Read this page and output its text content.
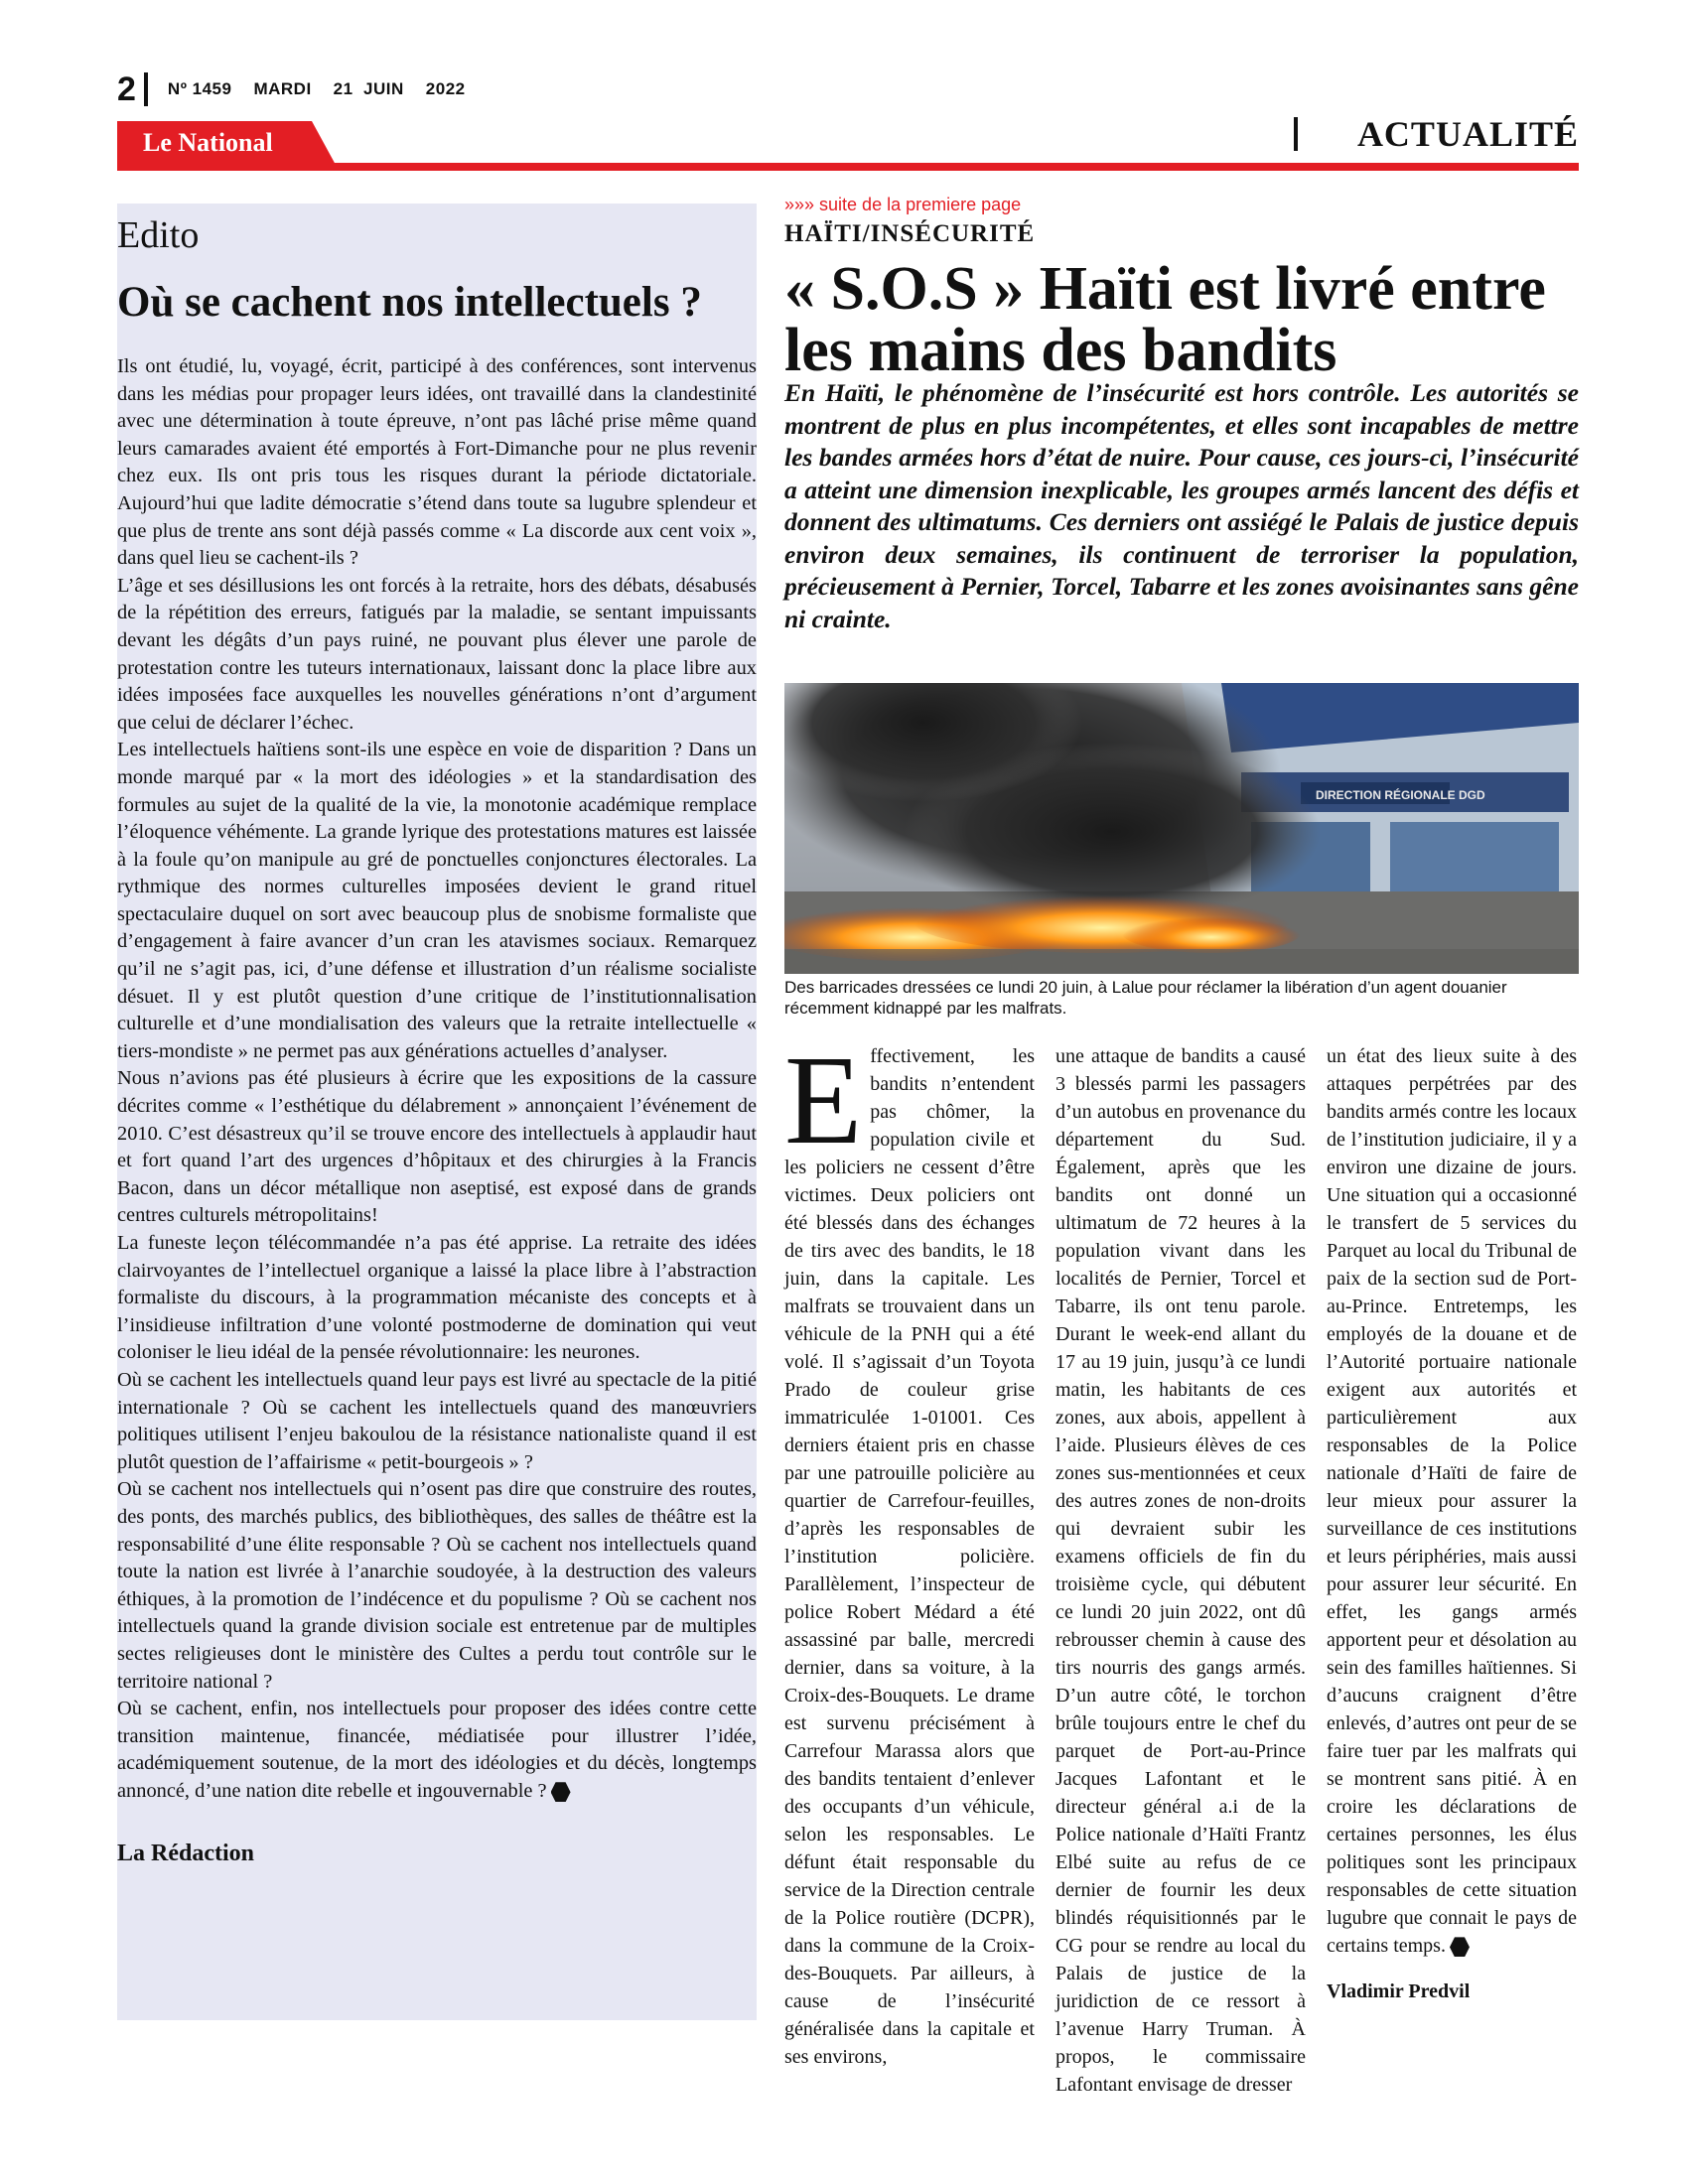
2 Nº 1459 MARDI 21 JUIN 2022
Le National	ACTUALITÉ
Edito
Où se cachent nos intellectuels ?

Ils ont étudié, lu, voyagé, écrit, participé à des conférences, sont intervenus dans les médias pour propager leurs idées, ont travaillé dans la clandestinité avec une détermination à toute épreuve, n’ont pas lâché prise même quand leurs camarades avaient été emportés à Fort-Dimanche pour ne plus revenir chez eux. Ils ont pris tous les risques durant la période dictatoriale. Aujourd’hui que ladite démocratie s’étend dans toute sa lugubre splendeur et que plus de trente ans sont déjà passés comme « La discorde aux cent voix », dans quel lieu se cachent-ils ?

L’âge et ses désillusions les ont forcés à la retraite, hors des débats, désabusés de la répétition des erreurs, fatigués par la maladie, se sentant impuissants devant les dégâts d’un pays ruiné, ne pouvant plus élever une parole de protestation contre les tuteurs internationaux, laissant donc la place libre aux idées imposées face auxquelles les nouvelles générations n’ont d’argument que celui de déclarer l’échec.

Les intellectuels haïtiens sont-ils une espèce en voie de disparition ? Dans un monde marqué par « la mort des idéologies » et la standardisation des formules au sujet de la qualité de la vie, la monotonie académique remplace l’éloquence véhémente. La grande lyrique des protestations matures est laissée à la foule qu’on manipule au gré de ponctuelles conjonctures électorales. La rythmique des normes culturelles imposées devient le grand rituel spectaculaire duquel on sort avec beaucoup plus de snobisme formaliste que d’engagement à faire avancer d’un cran les atavismes sociaux. Remarquez qu’il ne s’agit pas, ici, d’une défense et illustration d’un réalisme socialiste désuet. Il y est plutôt question d’une critique de l’institutionnalisation culturelle et d’une mondialisation des valeurs que la retraite intellectuelle « tiers-mondiste » ne permet pas aux générations actuelles d’analyser.

Nous n’avions pas été plusieurs à écrire que les expositions de la cassure décrites comme « l’esthétique du délabrement » annonçaient l’événement de 2010. C’est désastreux qu’il se trouve encore des intellectuels à applaudir haut et fort quand l’art des urgences d’hôpitaux et des chirurgies à la Francis Bacon, dans un décor métallique non aseptisé, est exposé dans de grands centres culturels métropolitains!

La funeste leçon télécommandée n’a pas été apprise. La retraite des idées clairvoyantes de l’intellectuel organique a laissé la place libre à l’abstraction formaliste du discours, à la programmation mécaniste des concepts et à l’insidieuse infiltration d’une volonté postmoderne de domination qui veut coloniser le lieu idéal de la pensée révolutionnaire: les neurones.

Où se cachent les intellectuels quand leur pays est livré au spectacle de la pitié internationale ? Où se cachent les intellectuels quand des manœuvriers politiques utilisent l’enjeu bakoulou de la résistance nationaliste quand il est plutôt question de l’affairisme « petit-bourgeois » ?

Où se cachent nos intellectuels qui n’osent pas dire que construire des routes, des ponts, des marchés publics, des bibliothèques, des salles de théâtre est la responsabilité d’une élite responsable ? Où se cachent nos intellectuels quand toute la nation est livrée à l’anarchie soudoyée, à la destruction des valeurs éthiques, à la promotion de l’indécence et du populisme ? Où se cachent nos intellectuels quand la grande division sociale est entretenue par de multiples sectes religieuses dont le ministère des Cultes a perdu tout contrôle sur le territoire national ?

Où se cachent, enfin, nos intellectuels pour proposer des idées contre cette transition maintenue, financée, médiatisée pour illustrer l’idée, académiquement soutenue, de la mort des idéologies et du décès, longtemps annoncé, d’une nation dite rebelle et ingouvernable ?

La Rédaction

»»» suite de la premiere page
HAÏTI/INSÉCURITÉ
« S.O.S » Haïti est livré entre les mains des bandits
En Haïti, le phénomène de l’insécurité est hors contrôle. Les autorités se montrent de plus en plus incompétentes, et elles sont incapables de mettre les bandes armées hors d’état de nuire. Pour cause, ces jours-ci, l’insécurité a atteint une dimension inexplicable, les groupes armés lancent des défis et donnent des ultimatums. Ces derniers ont assiégé le Palais de justice depuis environ deux semaines, ils continuent de terroriser la population, précieusement à Pernier, Torcel, Tabarre et les zones avoisinantes sans gêne ni crainte.
DIRECTION RÉGIONALE DGD
Des barricades dressées ce lundi 20 juin, à Lalue pour réclamer la libération d’un agent douanier récemment kidnappé par les malfrats.

Effectivement, les bandits n’entendent pas chômer, la population civile et les policiers ne cessent d’être victimes. Deux policiers ont été blessés dans des échanges de tirs avec des bandits, le 18 juin, dans la capitale. Les malfrats se trouvaient dans un véhicule de la PNH qui a été volé. Il s’agissait d’un Toyota Prado de couleur grise immatriculée 1-01001. Ces derniers étaient pris en chasse par une patrouille policière au quartier de Carrefour-feuilles, d’après les responsables de l’institution policière. Parallèlement, l’inspecteur de police Robert Médard a été assassiné par balle, mercredi dernier, dans sa voiture, à la Croix-des-Bouquets. Le drame est survenu précisément à Carrefour Marassa alors que des bandits tentaient d’enlever des occupants d’un véhicule, selon les responsables. Le défunt était responsable du service de la Direction centrale de la Police routière (DCPR), dans la commune de la Croix-des-Bouquets. Par ailleurs, à cause de l’insécurité généralisée dans la capitale et ses environs,

une attaque de bandits a causé 3 blessés parmi les passagers d’un autobus en provenance du département du Sud. Également, après que les bandits ont donné un ultimatum de 72 heures à la population vivant dans les localités de Pernier, Torcel et Tabarre, ils ont tenu parole. Durant le week-end allant du 17 au 19 juin, jusqu’à ce lundi matin, les habitants de ces zones, aux abois, appellent à l’aide. Plusieurs élèves de ces zones sus-mentionnées et ceux des autres zones de non-droits qui devraient subir les examens officiels de fin du troisième cycle, qui débutent ce lundi 20 juin 2022, ont dû rebrousser chemin à cause des tirs nourris des gangs armés. D’un autre côté, le torchon brûle toujours entre le chef du parquet de Port-au-Prince Jacques Lafontant et le directeur général a.i de la Police nationale d’Haïti Frantz Elbé suite au refus de ce dernier de fournir les deux blindés réquisitionnés par le CG pour se rendre au local du Palais de justice de la juridiction de ce ressort à l’avenue Harry Truman. À propos, le commissaire Lafontant envisage de dresser

un état des lieux suite à des attaques perpétrées par des bandits armés contre les locaux de l’institution judiciaire, il y a environ une dizaine de jours. Une situation qui a occasionné le transfert de 5 services du Parquet au local du Tribunal de paix de la section sud de Port-au-Prince. Entretemps, les employés de la douane et de l’Autorité portuaire nationale exigent aux autorités et particulièrement aux responsables de la Police nationale d’Haïti de faire de leur mieux pour assurer la surveillance de ces institutions et leurs périphéries, mais aussi pour assurer leur sécurité. En effet, les gangs armés apportent peur et désolation au sein des familles haïtiennes. Si d’aucuns craignent d’être enlevés, d’autres ont peur de se faire tuer par les malfrats qui se montrent sans pitié. À en croire les déclarations de certaines personnes, les élus politiques sont les principaux responsables de cette situation lugubre que connait le pays de certains temps.

Vladimir Predvil
